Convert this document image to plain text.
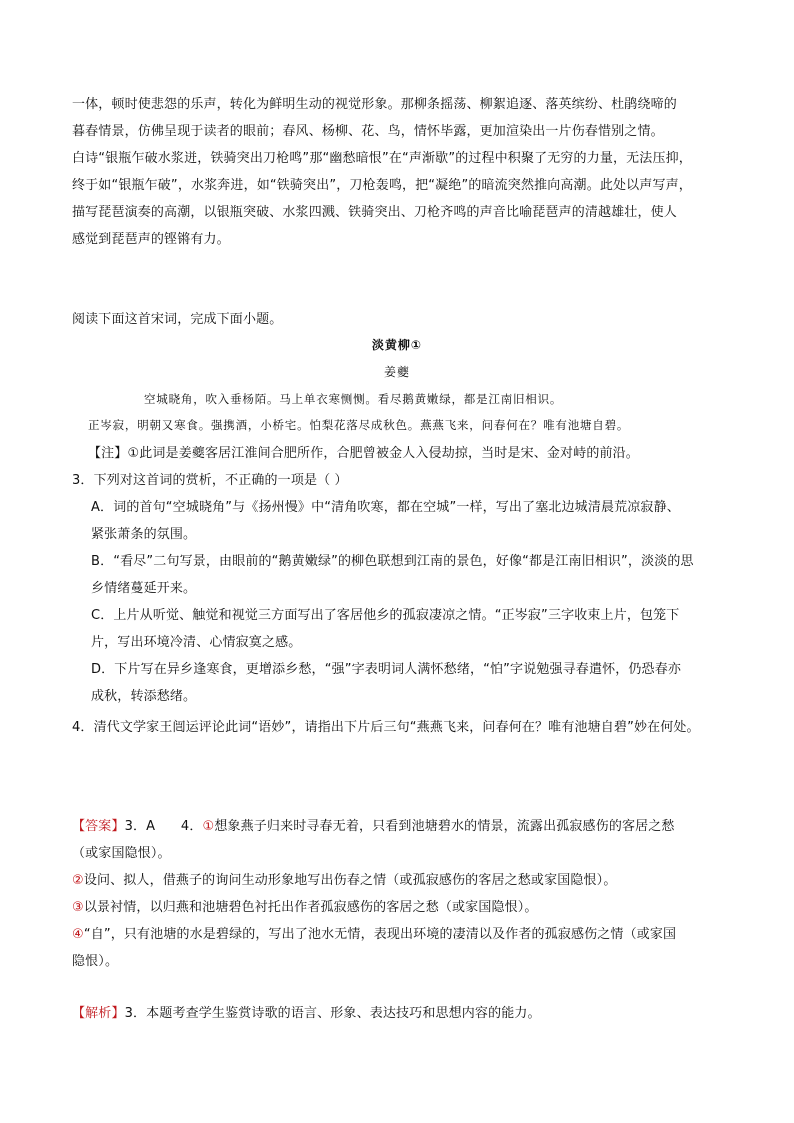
一体，顿时使悲怨的乐声，转化为鲜明生动的视觉形象。那柳条摇荡、柳絮追逐、落英缤纷、杜鹃绕啼的

暮春情景，仿佛呈现于读者的眼前；春风、杨柳、花、鸟，情怀毕露，更加渲染出一片伤春惜别之情。

白诗“银瓶乍破水浆迸，铁骑突出刀枪鸣”那“幽愁暗恨”在“声渐歇”的过程中积聚了无穷的力量，无法压抑，

终于如“银瓶乍破”，水浆奔进，如“铁骑突出”，刀枪轰鸣，把“凝绝”的暗流突然推向高潮。此处以声写声，

描写琵琶演奏的高潮，以银瓶突破、水浆四溅、铁骑突出、刀枪齐鸣的声音比喻琵琶声的清越雄壮，使人

感觉到琵琶声的铿锵有力。

阅读下面这首宋词，完成下面小题。
淡黄柳①
姜夔

空城晓角，吹入垂杨陌。马上单衣寒恻恻。看尽鹅黄嫩绿，都是江南旧相识。

正岑寂，明朝又寒食。强携酒，小桥宅。怕梨花落尽成秋色。燕燕飞来，问春何在？唯有池塘自碧。

【注】①此词是姜夔客居江淮间合肥所作，合肥曾被金人入侵劫掠，当时是宋、金对峙的前沿。

3．下列对这首词的赏析，不正确的一项是（ ）

A．词的首句“空城晓角”与《扬州慢》中“清角吹寒，都在空城”一样，写出了塞北边城清晨荒凉寂静、

紧张萧条的氛围。

B．“看尽”二句写景，由眼前的“鹅黄嫩绿”的柳色联想到江南的景色，好像“都是江南旧相识”，淡淡的思

乡情绪蔓延开来。

C．上片从听觉、触觉和视觉三方面写出了客居他乡的孤寂凄凉之情。“正岑寂”三字收束上片，包笼下

片，写出环境冷清、心情寂寞之感。

D．下片写在异乡逢寒食，更增添乡愁，“强”字表明词人满怀愁绪，“怕”字说勉强寻春遣怀，仍恐春亦

成秋，转添愁绪。

4．清代文学家王闿运评论此词“语妙”，请指出下片后三句“燕燕飞来，问春何在？唯有池塘自碧”妙在何处。

【答案】3．A      4．①想象燕子归来时寻春无着，只看到池塘碧水的情景，流露出孤寂感伤的客居之愁

（或家国隐恨）。

②设问、拟人，借燕子的询问生动形象地写出伤春之情（或孤寂感伤的客居之愁或家国隐恨）。

③以景衬情，以归燕和池塘碧色衬托出作者孤寂感伤的客居之愁（或家国隐恨）。

④“自”，只有池塘的水是碧绿的，写出了池水无情，表现出环境的凄清以及作者的孤寂感伤之情（或家国

隐恨）。

【解析】3．本题考查学生鉴赏诗歌的语言、形象、表达技巧和思想内容的能力。
